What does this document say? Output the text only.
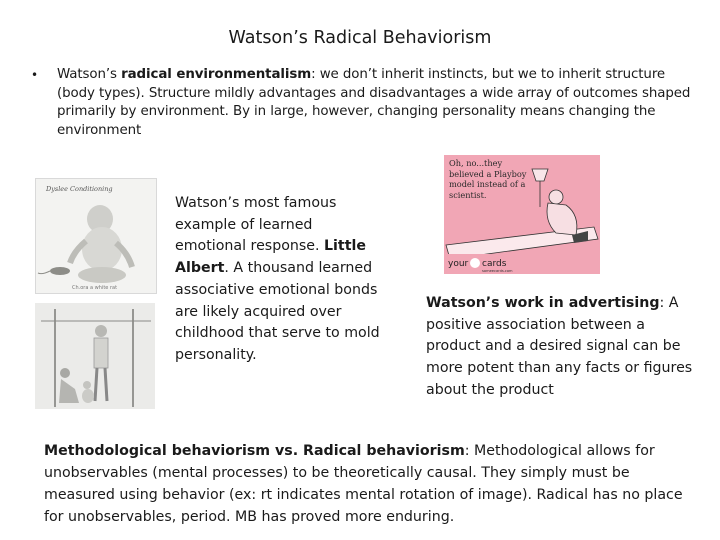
Watson’s Radical Behaviorism
• Watson’s radical environmentalism: we don’t inherit instincts, but we to inherit structure (body types). Structure mildly advantages and disadvantages a wide array of outcomes shaped primarily by environment. By in large, however, changing personality means changing the environment
Dyslee Conditioning
Ch.ora a white rat
Watson’s most famous example of learned emotional response. Little Albert. A thousand learned associative emotional bonds are likely acquired over childhood that serve to mold personality.
Oh, no...they believed a Playboy model instead of a scientist.
your cards
someecards.com
Watson’s work in advertising: A positive association between a product and a desired signal can be more potent than any facts or figures about the product
Methodological behaviorism vs. Radical behaviorism: Methodological allows for unobservables (mental processes) to be theoretically causal. They simply must be measured using behavior (ex: rt indicates mental rotation of image). Radical has no place for unobservables, period. MB has proved more enduring.
